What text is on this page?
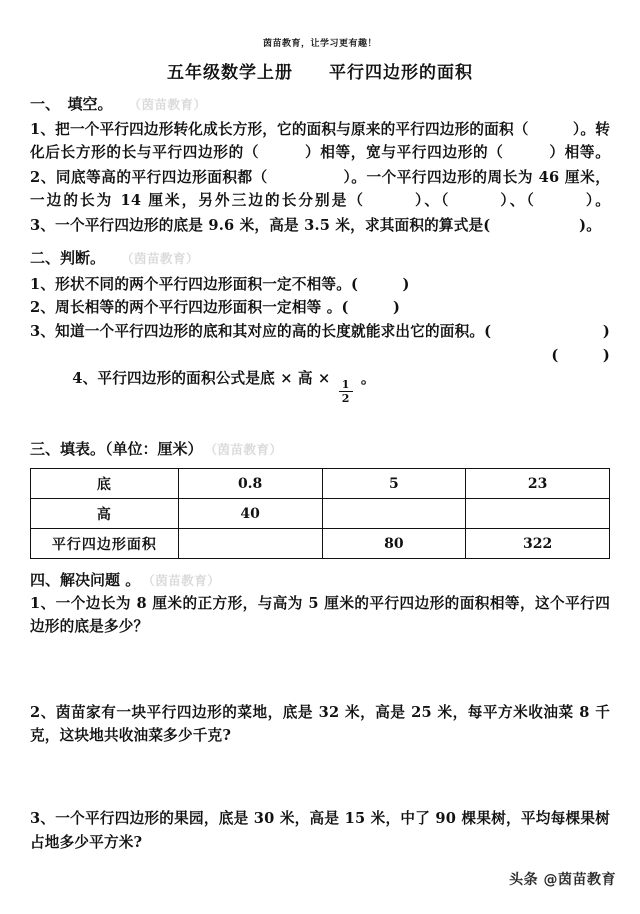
茵苗教育，让学习更有趣！
五年级数学上册　　平行四边形的面积
一、　填空。 （茵苗教育）
1、把一个平行四边形转化成长方形，它的面积与原来的平行四边形的面积（　　　）。转化后长方形的长与平行四边形的（　　　）相等，宽与平行四边形的（　　　）相等。
2、同底等高的平行四边形面积都（　　　　　）。一个平行四边形的周长为 46 厘米，一边的长为 14 厘米，另外三边的长分别是（　　　）、（　　　）、（　　　）。
3、一个平行四边形的底是 9.6 米，高是 3.5 米，求其面积的算式是(　　　　　　)。
二、判断。 （茵苗教育）
1、形状不同的两个平行四边形面积一定不相等。(　　　)
2、周长相等的两个平行四边形面积一定相等 。(　　　)
3、知道一个平行四边形的底和其对应的高的长度就能求出它的面积。(	)

4、平行四边形的面积公式是底 × 高 ×
$\frac{1}{2}$
。

(　　　)
三、填表。（单位：厘米） （茵苗教育）
底	0.8	5	23
高	40		
平行四边形面积		80	322
四、解决问题 。 （茵苗教育）
1、一个边长为 8 厘米的正方形，与高为 5 厘米的平行四边形的面积相等，这个平行四边形的底是多少？
2、茵苗家有一块平行四边形的菜地，底是 32 米，高是 25 米，每平方米收油菜 8 千克，这块地共收油菜多少千克?
3、一个平行四边形的果园，底是 30 米，高是 15 米，中了 90 棵果树，平均每棵果树占地多少平方米?
头条 @茵苗教育
